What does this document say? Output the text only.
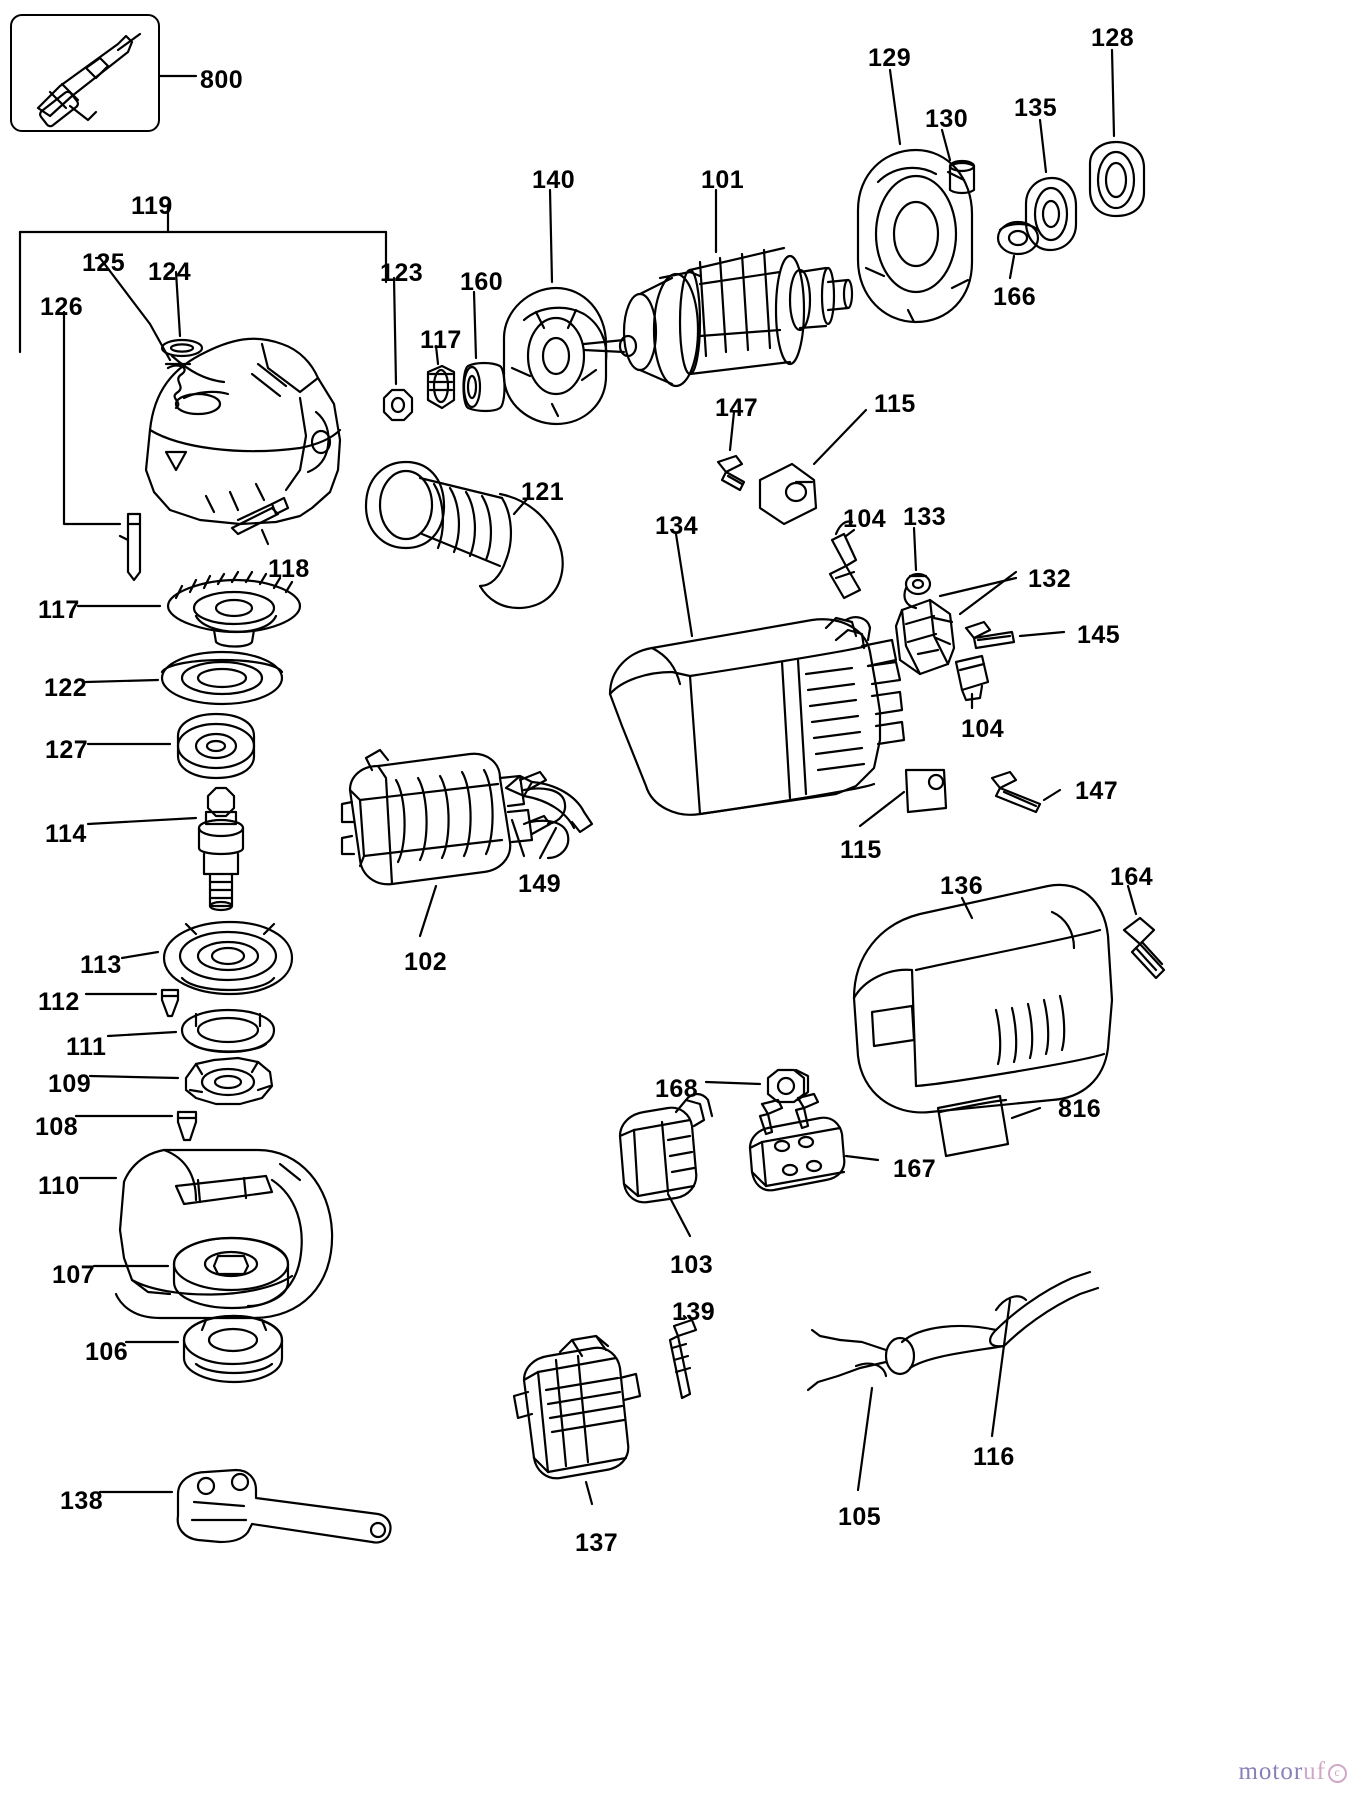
800
129
128
130 135
119
140	101
125 124	123 160
166
126
117
147	115
121
134	104 133
118	132
145
117
122
104
127
147
114
115
149	136	164
102
113
112
111
109
108
168
816
110
167
107	103
106
139
116
138
137
105
motoruf c
